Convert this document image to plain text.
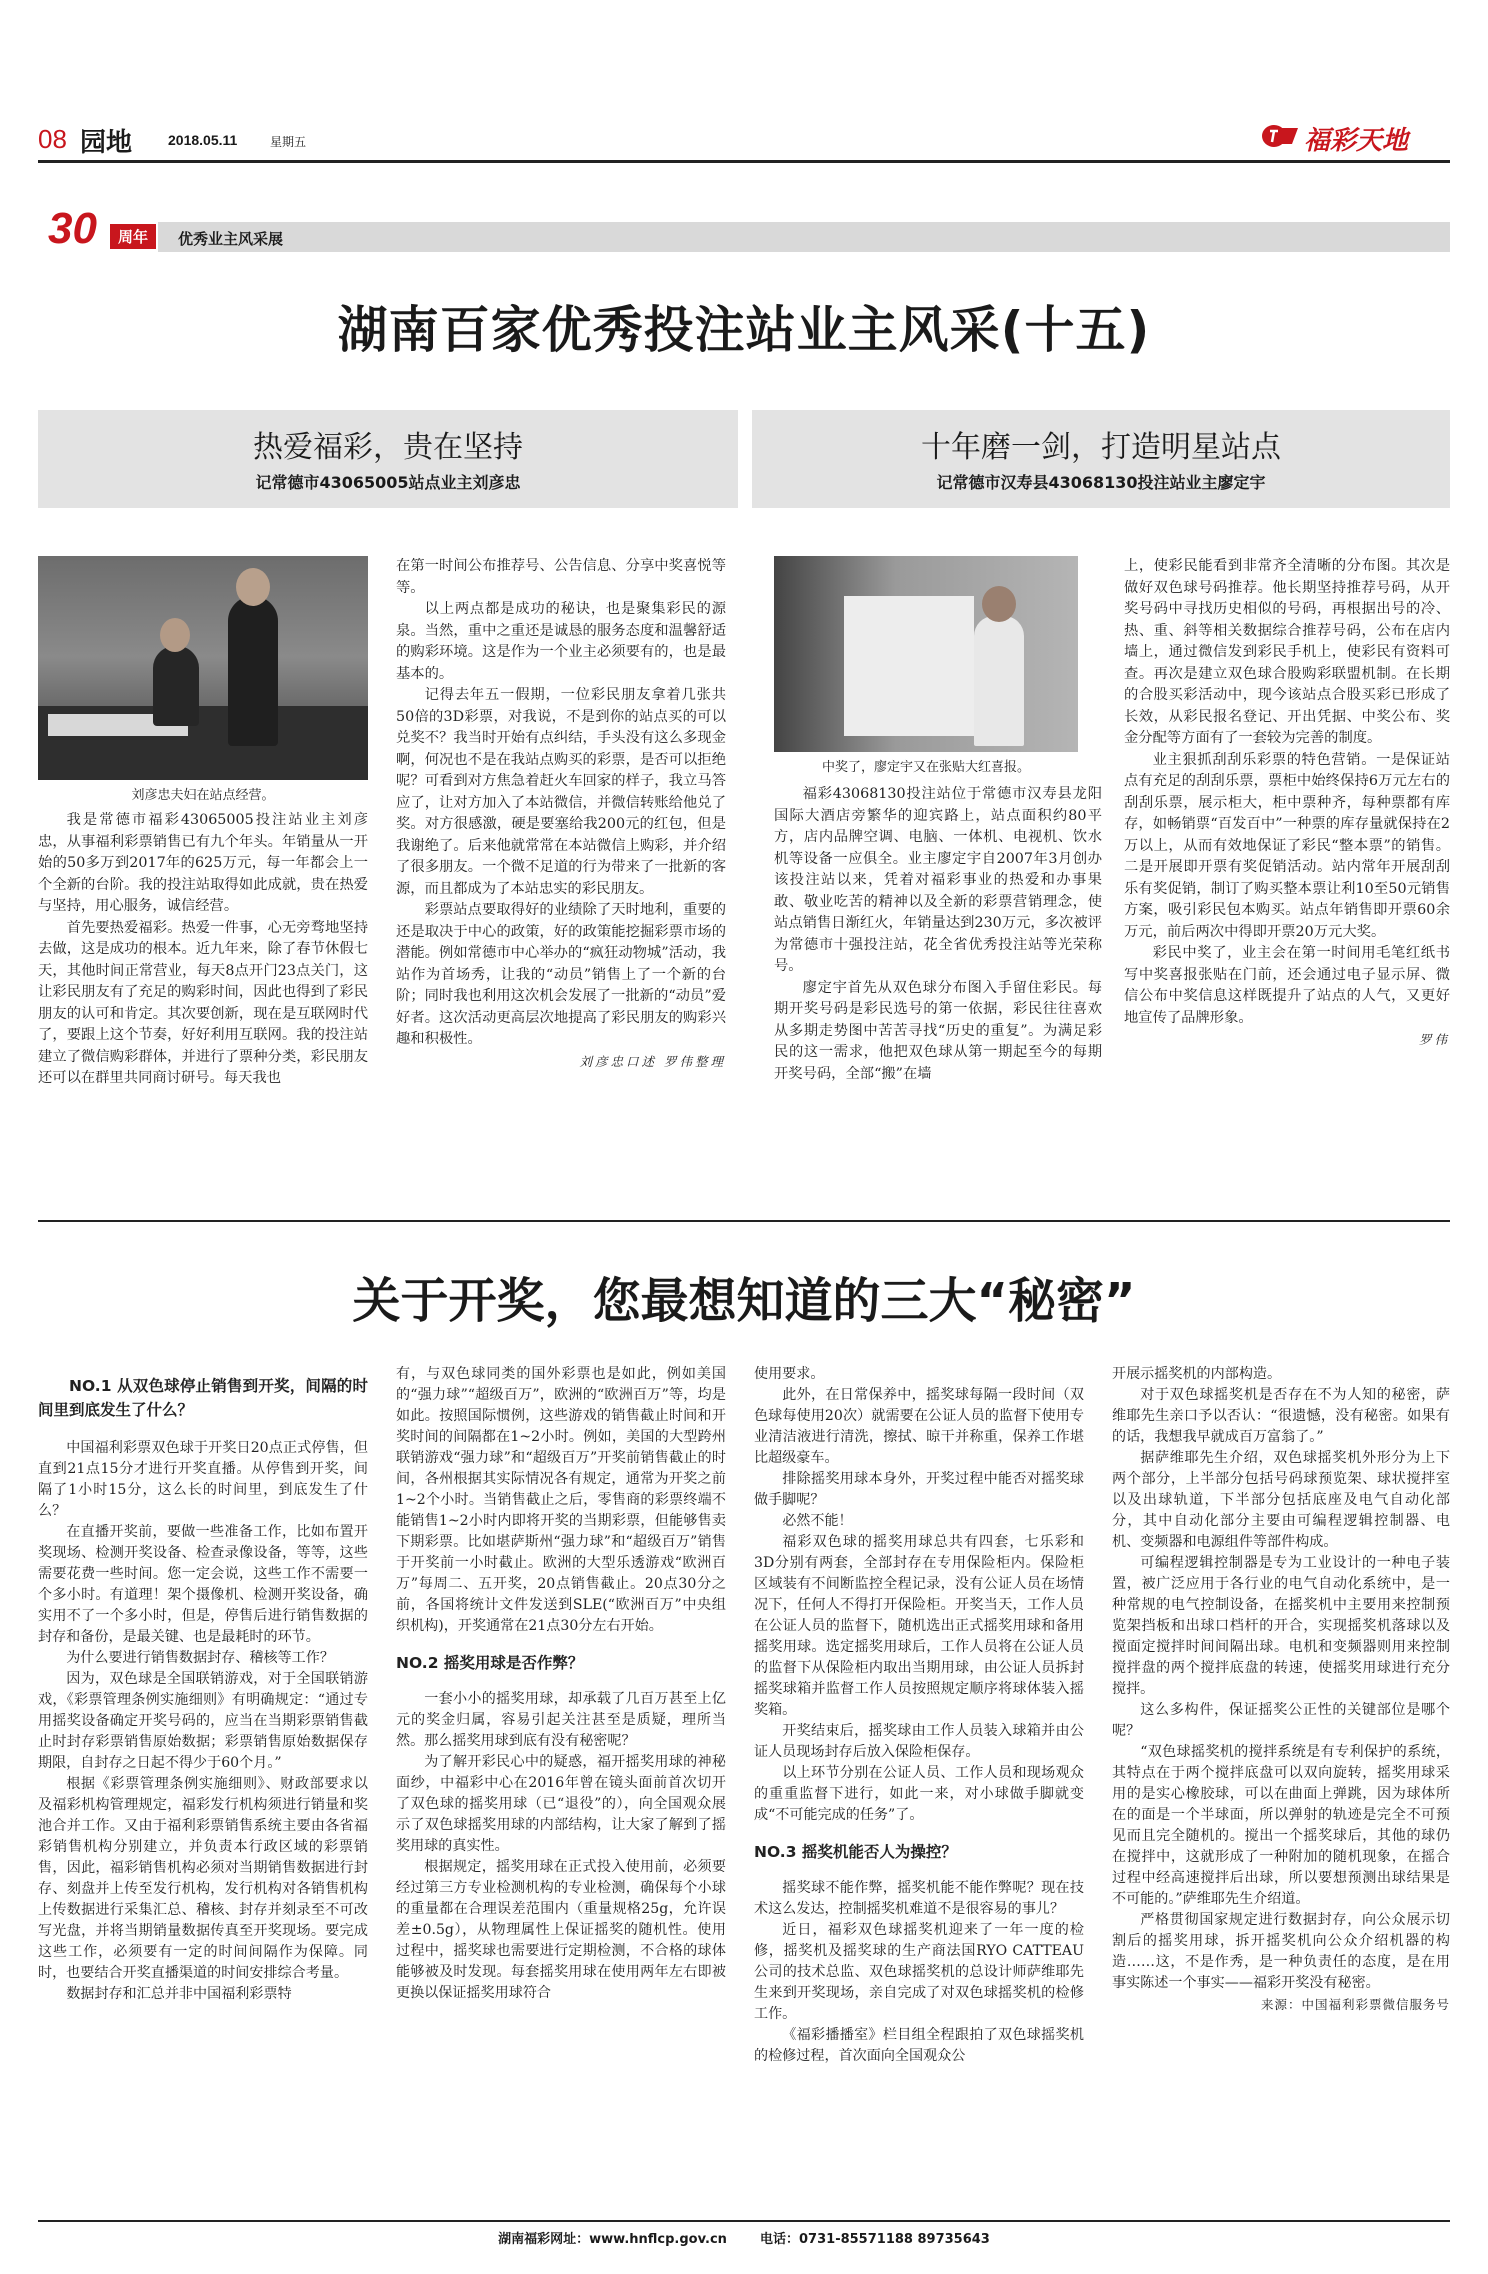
08 园地	2018.05.11	星期五	福彩天地
30	周年	优秀业主风采展
湖南百家优秀投注站业主风采(十五)
热爱福彩，贵在坚持
记常德市43065005站点业主刘彦忠
十年磨一剑，打造明星站点
记常德市汉寿县43068130投注站业主廖定宇
刘彦忠夫妇在站点经营。

我是常德市福彩43065005投注站业主刘彦忠，从事福利彩票销售已有九个年头。年销量从一开始的50多万到2017年的625万元，每一年都会上一个全新的台阶。我的投注站取得如此成就，贵在热爱与坚持，用心服务，诚信经营。

首先要热爱福彩。热爱一件事，心无旁骛地坚持去做，这是成功的根本。近九年来，除了春节休假七天，其他时间正常营业，每天8点开门23点关门，这让彩民朋友有了充足的购彩时间，因此也得到了彩民朋友的认可和肯定。其次要创新，现在是互联网时代了，要跟上这个节奏，好好利用互联网。我的投注站建立了微信购彩群体，并进行了票种分类，彩民朋友还可以在群里共同商讨研号。每天我也

在第一时间公布推荐号、公告信息、分享中奖喜悦等等。

以上两点都是成功的秘诀，也是聚集彩民的源泉。当然，重中之重还是诚恳的服务态度和温馨舒适的购彩环境。这是作为一个业主必须要有的，也是最基本的。

记得去年五一假期，一位彩民朋友拿着几张共50倍的3D彩票，对我说，不是到你的站点买的可以兑奖不？我当时开始有点纠结，手头没有这么多现金啊，何况也不是在我站点购买的彩票，是否可以拒绝呢？可看到对方焦急着赶火车回家的样子，我立马答应了，让对方加入了本站微信，并微信转账给他兑了奖。对方很感激，硬是要塞给我200元的红包，但是我谢绝了。后来他就常常在本站微信上购彩，并介绍了很多朋友。一个微不足道的行为带来了一批新的客源，而且都成为了本站忠实的彩民朋友。

彩票站点要取得好的业绩除了天时地利，重要的还是取决于中心的政策，好的政策能挖掘彩票市场的潜能。例如常德市中心举办的“疯狂动物城”活动，我站作为首场秀，让我的“动员”销售上了一个新的台阶；同时我也利用这次机会发展了一批新的“动员”爱好者。这次活动更高层次地提高了彩民朋友的购彩兴趣和积极性。

刘彦忠口述 罗伟整理
中奖了，廖定宇又在张贴大红喜报。

福彩43068130投注站位于常德市汉寿县龙阳国际大酒店旁繁华的迎宾路上，站点面积约80平方，店内品牌空调、电脑、一体机、电视机、饮水机等设备一应俱全。业主廖定宇自2007年3月创办该投注站以来，凭着对福彩事业的热爱和办事果敢、敬业吃苦的精神以及全新的彩票营销理念，使站点销售日渐红火，年销量达到230万元，多次被评为常德市十强投注站，花全省优秀投注站等光荣称号。

廖定宇首先从双色球分布图入手留住彩民。每期开奖号码是彩民选号的第一依据，彩民往往喜欢从多期走势图中苦苦寻找“历史的重复”。为满足彩民的这一需求，他把双色球从第一期起至今的每期开奖号码，全部“搬”在墙

上，使彩民能看到非常齐全清晰的分布图。其次是做好双色球号码推荐。他长期坚持推荐号码，从开奖号码中寻找历史相似的号码，再根据出号的冷、热、重、斜等相关数据综合推荐号码，公布在店内墙上，通过微信发到彩民手机上，使彩民有资料可查。再次是建立双色球合股购彩联盟机制。在长期的合股买彩活动中，现今该站点合股买彩已形成了长效，从彩民报名登记、开出凭据、中奖公布、奖金分配等方面有了一套较为完善的制度。

业主狠抓刮刮乐彩票的特色营销。一是保证站点有充足的刮刮乐票，票柜中始终保持6万元左右的刮刮乐票，展示柜大，柜中票种齐，每种票都有库存，如畅销票“百发百中”一种票的库存量就保持在2万以上，从而有效地保证了彩民“整本票”的销售。二是开展即开票有奖促销活动。站内常年开展刮刮乐有奖促销，制订了购买整本票让利10至50元销售方案，吸引彩民包本购买。站点年销售即开票60余万元，前后两次中得即开票20万元大奖。

彩民中奖了，业主会在第一时间用毛笔红纸书写中奖喜报张贴在门前，还会通过电子显示屏、微信公布中奖信息这样既提升了站点的人气，又更好地宣传了品牌形象。

罗伟
关于开奖，您最想知道的三大“秘密”
NO.1 从双色球停止销售到开奖，间隔的时间里到底发生了什么？

中国福利彩票双色球于开奖日20点正式停售，但直到21点15分才进行开奖直播。从停售到开奖，间隔了1小时15分，这么长的时间里，到底发生了什么？

在直播开奖前，要做一些准备工作，比如布置开奖现场、检测开奖设备、检查录像设备，等等，这些需要花费一些时间。您一定会说，这些工作不需要一个多小时。有道理！架个摄像机、检测开奖设备，确实用不了一个多小时，但是，停售后进行销售数据的封存和备份，是最关键、也是最耗时的环节。

为什么要进行销售数据封存、稽核等工作？

因为，双色球是全国联销游戏，对于全国联销游戏，《彩票管理条例实施细则》有明确规定：“通过专用摇奖设备确定开奖号码的，应当在当期彩票销售截止时封存彩票销售原始数据；彩票销售原始数据保存期限，自封存之日起不得少于60个月。”

根据《彩票管理条例实施细则》、财政部要求以及福彩机构管理规定，福彩发行机构须进行销量和奖池合并工作。又由于福利彩票销售系统主要由各省福彩销售机构分别建立，并负责本行政区域的彩票销售，因此，福彩销售机构必须对当期销售数据进行封存、刻盘并上传至发行机构，发行机构对各销售机构上传数据进行采集汇总、稽核、封存并刻录至不可改写光盘，并将当期销量数据传真至开奖现场。要完成这些工作，必须要有一定的时间间隔作为保障。同时，也要结合开奖直播渠道的时间安排综合考量。

数据封存和汇总并非中国福利彩票特

有，与双色球同类的国外彩票也是如此，例如美国的“强力球”“超级百万”，欧洲的“欧洲百万”等，均是如此。按照国际惯例，这些游戏的销售截止时间和开奖时间的间隔都在1~2小时。例如，美国的大型跨州联销游戏“强力球”和“超级百万”开奖前销售截止的时间，各州根据其实际情况各有规定，通常为开奖之前1~2个小时。当销售截止之后，零售商的彩票终端不能销售1~2小时内即将开奖的当期彩票，但能够售卖下期彩票。比如堪萨斯州“强力球”和“超级百万”销售于开奖前一小时截止。欧洲的大型乐透游戏“欧洲百万”每周二、五开奖，20点销售截止。20点30分之前，各国将统计文件发送到SLE(“欧洲百万”中央组织机构)，开奖通常在21点30分左右开始。

NO.2 摇奖用球是否作弊？

一套小小的摇奖用球，却承载了几百万甚至上亿元的奖金归属，容易引起关注甚至是质疑，理所当然。那么摇奖用球到底有没有秘密呢？

为了解开彩民心中的疑惑，福开摇奖用球的神秘面纱，中福彩中心在2016年曾在镜头面前首次切开了双色球的摇奖用球（已“退役”的），向全国观众展示了双色球摇奖用球的内部结构，让大家了解到了摇奖用球的真实性。

根据规定，摇奖用球在正式投入使用前，必须要经过第三方专业检测机构的专业检测，确保每个小球的重量都在合理误差范围内（重量规格25g，允许误差±0.5g），从物理属性上保证摇奖的随机性。使用过程中，摇奖球也需要进行定期检测，不合格的球体能够被及时发现。每套摇奖用球在使用两年左右即被更换以保证摇奖用球符合

使用要求。

此外，在日常保养中，摇奖球每隔一段时间（双色球每使用20次）就需要在公证人员的监督下使用专业清洁液进行清洗，擦拭、晾干并称重，保养工作堪比超级豪车。

排除摇奖用球本身外，开奖过程中能否对摇奖球做手脚呢？

必然不能！

福彩双色球的摇奖用球总共有四套，七乐彩和3D分别有两套，全部封存在专用保险柜内。保险柜区域装有不间断监控全程记录，没有公证人员在场情况下，任何人不得打开保险柜。开奖当天，工作人员在公证人员的监督下，随机选出正式摇奖用球和备用摇奖用球。选定摇奖用球后，工作人员将在公证人员的监督下从保险柜内取出当期用球，由公证人员拆封摇奖球箱并监督工作人员按照规定顺序将球体装入摇奖箱。

开奖结束后，摇奖球由工作人员装入球箱并由公证人员现场封存后放入保险柜保存。

以上环节分别在公证人员、工作人员和现场观众的重重监督下进行，如此一来，对小球做手脚就变成“不可能完成的任务”了。

NO.3 摇奖机能否人为操控？

摇奖球不能作弊，摇奖机能不能作弊呢？现在技术这么发达，控制摇奖机难道不是很容易的事儿？

近日，福彩双色球摇奖机迎来了一年一度的检修，摇奖机及摇奖球的生产商法国RYO CATTEAU公司的技术总监、双色球摇奖机的总设计师萨维耶先生来到开奖现场，亲自完成了对双色球摇奖机的检修工作。

《福彩播播室》栏目组全程跟拍了双色球摇奖机的检修过程，首次面向全国观众公

开展示摇奖机的内部构造。

对于双色球摇奖机是否存在不为人知的秘密，萨维耶先生亲口予以否认：“很遗憾，没有秘密。如果有的话，我想我早就成百万富翁了。”

据萨维耶先生介绍，双色球摇奖机外形分为上下两个部分，上半部分包括号码球预览架、球状搅拌室以及出球轨道，下半部分包括底座及电气自动化部分，其中自动化部分主要由可编程逻辑控制器、电机、变频器和电源组件等部件构成。

可编程逻辑控制器是专为工业设计的一种电子装置，被广泛应用于各行业的电气自动化系统中，是一种常规的电气控制设备，在摇奖机中主要用来控制预览架挡板和出球口档杆的开合，实现摇奖机落球以及搅面定搅拌时间间隔出球。电机和变频器则用来控制搅拌盘的两个搅拌底盘的转速，使摇奖用球进行充分搅拌。

这么多构件，保证摇奖公正性的关键部位是哪个呢？

“双色球摇奖机的搅拌系统是有专利保护的系统，其特点在于两个搅拌底盘可以双向旋转，摇奖用球采用的是实心橡胶球，可以在曲面上弹跳，因为球体所在的面是一个半球面，所以弹射的轨迹是完全不可预见而且完全随机的。搅出一个摇奖球后，其他的球仍在搅拌中，这就形成了一种附加的随机现象，在摇合过程中经高速搅拌后出球，所以要想预测出球结果是不可能的。”萨维耶先生介绍道。

严格贯彻国家规定进行数据封存，向公众展示切割后的摇奖用球，拆开摇奖机向公众介绍机器的构造……这，不是作秀，是一种负责任的态度，是在用事实陈述一个事实——福彩开奖没有秘密。

来源：中国福利彩票微信服务号
湖南福彩网址：www.hnflcp.gov.cn	电话：0731-85571188 89735643
